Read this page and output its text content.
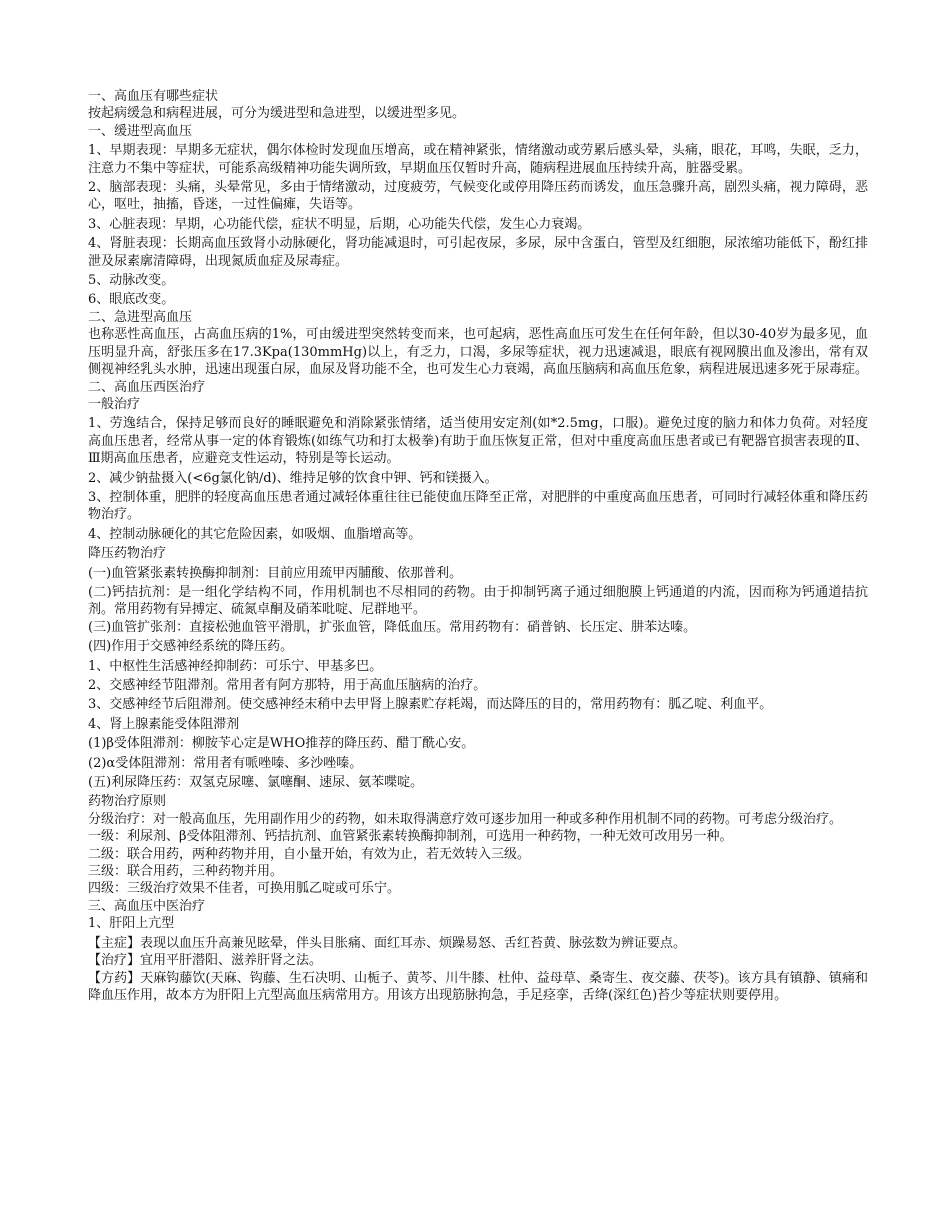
一、高血压有哪些症状

按起病缓急和病程进展，可分为缓进型和急进型，以缓进型多见。

一、缓进型高血压

1、早期表现：早期多无症状，偶尔体检时发现血压增高，或在精神紧张，情绪激动或劳累后感头晕，头痛，眼花，耳鸣，失眠，乏力，注意力不集中等症状，可能系高级精神功能失调所致，早期血压仅暂时升高，随病程进展血压持续升高，脏器受累。

2、脑部表现：头痛，头晕常见，多由于情绪激动，过度疲劳，气候变化或停用降压药而诱发，血压急骤升高，剧烈头痛，视力障碍，恶心，呕吐，抽搐，昏迷，一过性偏瘫，失语等。

3、心脏表现：早期，心功能代偿，症状不明显，后期，心功能失代偿，发生心力衰竭。

4、肾脏表现：长期高血压致肾小动脉硬化，肾功能减退时，可引起夜尿，多尿，尿中含蛋白，管型及红细胞，尿浓缩功能低下，酚红排泄及尿素廓清障碍，出现氮质血症及尿毒症。

5、动脉改变。

6、眼底改变。

二、急进型高血压

也称恶性高血压，占高血压病的1%，可由缓进型突然转变而来，也可起病，恶性高血压可发生在任何年龄，但以30-40岁为最多见，血压明显升高，舒张压多在17.3Kpa(130mmHg)以上，有乏力，口渴，多尿等症状，视力迅速减退，眼底有视网膜出血及渗出，常有双侧视神经乳头水肿，迅速出现蛋白尿，血尿及肾功能不全，也可发生心力衰竭，高血压脑病和高血压危象，病程进展迅速多死于尿毒症。

二、高血压西医治疗

一般治疗

1、劳逸结合，保持足够而良好的睡眠避免和消除紧张情绪，适当使用安定剂(如*2.5mg，口服)。避免过度的脑力和体力负荷。对轻度高血压患者，经常从事一定的体育锻炼(如练气功和打太极拳)有助于血压恢复正常，但对中重度高血压患者或已有靶器官损害表现的Ⅱ、Ⅲ期高血压患者，应避竞支性运动，特别是等长运动。

2、减少钠盐摄入(<6g氯化钠/d)、维持足够的饮食中钾、钙和镁摄入。

3、控制体重，肥胖的轻度高血压患者通过减轻体重往往已能使血压降至正常，对肥胖的中重度高血压患者，可同时行减轻体重和降压药物治疗。

4、控制动脉硬化的其它危险因素，如吸烟、血脂增高等。

降压药物治疗

(一)血管紧张素转换酶抑制剂：目前应用巯甲丙脯酸、依那普利。

(二)钙拮抗剂：是一组化学结构不同，作用机制也不尽相同的药物。由于抑制钙离子通过细胞膜上钙通道的内流，因而称为钙通道拮抗剂。常用药物有异搏定、硫氮卓酮及硝苯吡啶、尼群地平。

(三)血管扩张剂：直接松弛血管平滑肌，扩张血管，降低血压。常用药物有：硝普钠、长压定、肼苯达嗪。

(四)作用于交感神经系统的降压药。

1、中枢性生活感神经抑制药：可乐宁、甲基多巴。

2、交感神经节阻滞剂。常用者有阿方那特，用于高血压脑病的治疗。

3、交感神经节后阻滞剂。使交感神经末稍中去甲肾上腺素贮存耗竭，而达降压的目的，常用药物有：胍乙啶、利血平。

4、肾上腺素能受体阻滞剂

(1)β受体阻滞剂：柳胺苄心定是WHO推荐的降压药、醋丁酰心安。

(2)α受体阻滞剂：常用者有哌唑嗪、多沙唑嗪。

(五)利尿降压药：双氢克尿噻、氯噻酮、速尿、氨苯喋啶。

药物治疗原则

分级治疗：对一般高血压，先用副作用少的药物，如未取得满意疗效可逐步加用一种或多种作用机制不同的药物。可考虑分级治疗。

一级：利尿剂、β受体阻滞剂、钙拮抗剂、血管紧张素转换酶抑制剂，可选用一种药物，一种无效可改用另一种。

二级：联合用药，两种药物并用，自小量开始，有效为止，若无效转入三级。

三级：联合用药，三种药物并用。

四级：三级治疗效果不佳者，可换用胍乙啶或可乐宁。

三、高血压中医治疗

1、肝阳上亢型

【主症】表现以血压升高兼见眩晕，伴头目胀痛、面红耳赤、烦躁易怒、舌红苔黄、脉弦数为辨证要点。

【治疗】宜用平肝潜阳、滋养肝肾之法。

【方药】天麻钩藤饮(天麻、钩藤、生石决明、山栀子、黄芩、川牛膝、杜仲、益母草、桑寄生、夜交藤、茯苓)。该方具有镇静、镇痛和降血压作用，故本方为肝阳上亢型高血压病常用方。用该方出现筋脉拘急，手足痉挛，舌绛(深红色)苔少等症状则要停用。
